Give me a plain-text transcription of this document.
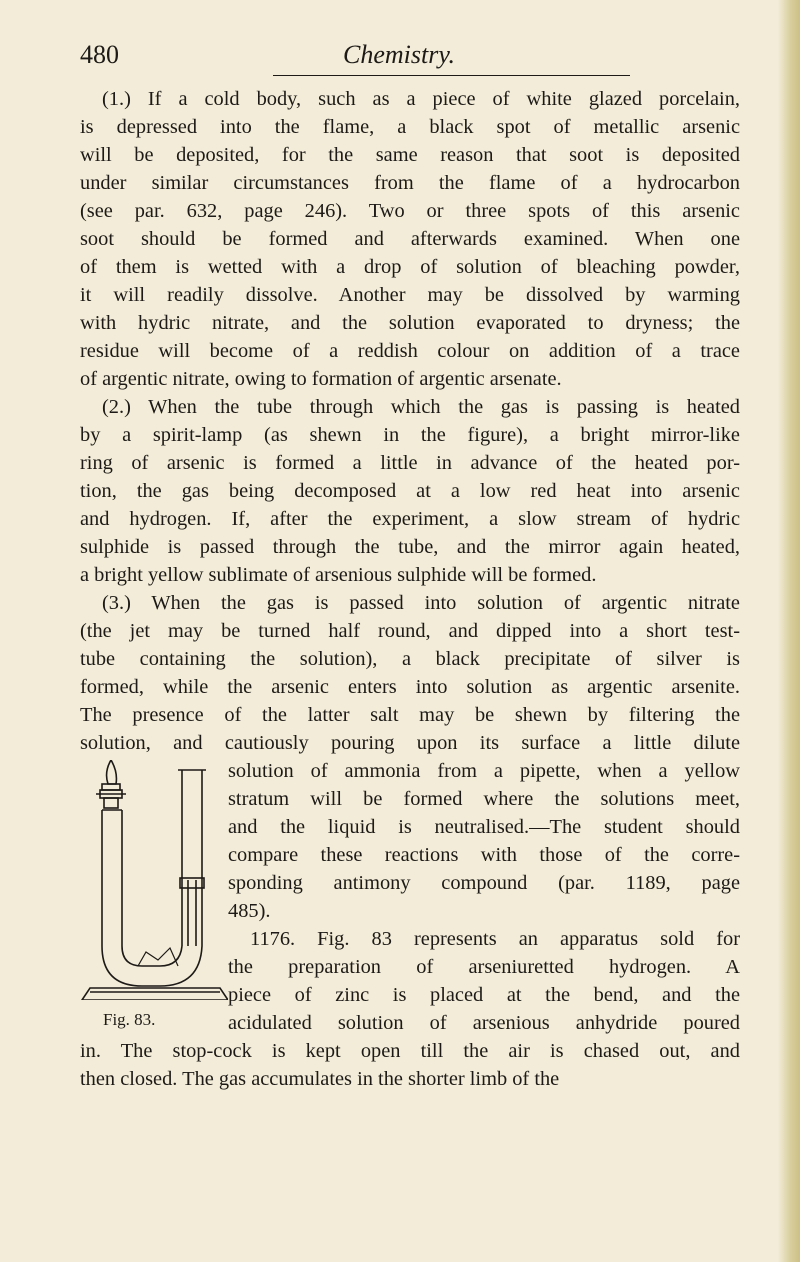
480	Chemistry.
(1.) If a cold body, such as a piece of white glazed porcelain,
is depressed into the flame, a black spot of metallic arsenic
will be deposited, for the same reason that soot is deposited
under similar circumstances from the flame of a hydrocarbon
(see par. 632, page 246). Two or three spots of this arsenic
soot should be formed and afterwards examined. When one
of them is wetted with a drop of solution of bleaching powder,
it will readily dissolve. Another may be dissolved by warming
with hydric nitrate, and the solution evaporated to dryness; the
residue will become of a reddish colour on addition of a trace
of argentic nitrate, owing to formation of argentic arsenate.
(2.) When the tube through which the gas is passing is heated
by a spirit-lamp (as shewn in the figure), a bright mirror-like
ring of arsenic is formed a little in advance of the heated por-
tion, the gas being decomposed at a low red heat into arsenic
and hydrogen. If, after the experiment, a slow stream of hydric
sulphide is passed through the tube, and the mirror again heated,
a bright yellow sublimate of arsenious sulphide will be formed.
(3.) When the gas is passed into solution of argentic nitrate
(the jet may be turned half round, and dipped into a short test-
tube containing the solution), a black precipitate of silver is
formed, while the arsenic enters into solution as argentic arsenite.
The presence of the latter salt may be shewn by filtering the
solution, and cautiously pouring upon its surface a little dilute
solution of ammonia from a pipette, when a yellow
stratum will be formed where the solutions meet,
and the liquid is neutralised.—The student should
compare these reactions with those of the corre-
sponding antimony compound (par. 1189, page
485).
1176. Fig. 83 represents an apparatus sold for
the preparation of arseniuretted hydrogen. A
piece of zinc is placed at the bend, and the
acidulated solution of arsenious anhydride poured
in. The stop-cock is kept open till the air is chased out, and
then closed. The gas accumulates in the shorter limb of the
Fig. 83.
